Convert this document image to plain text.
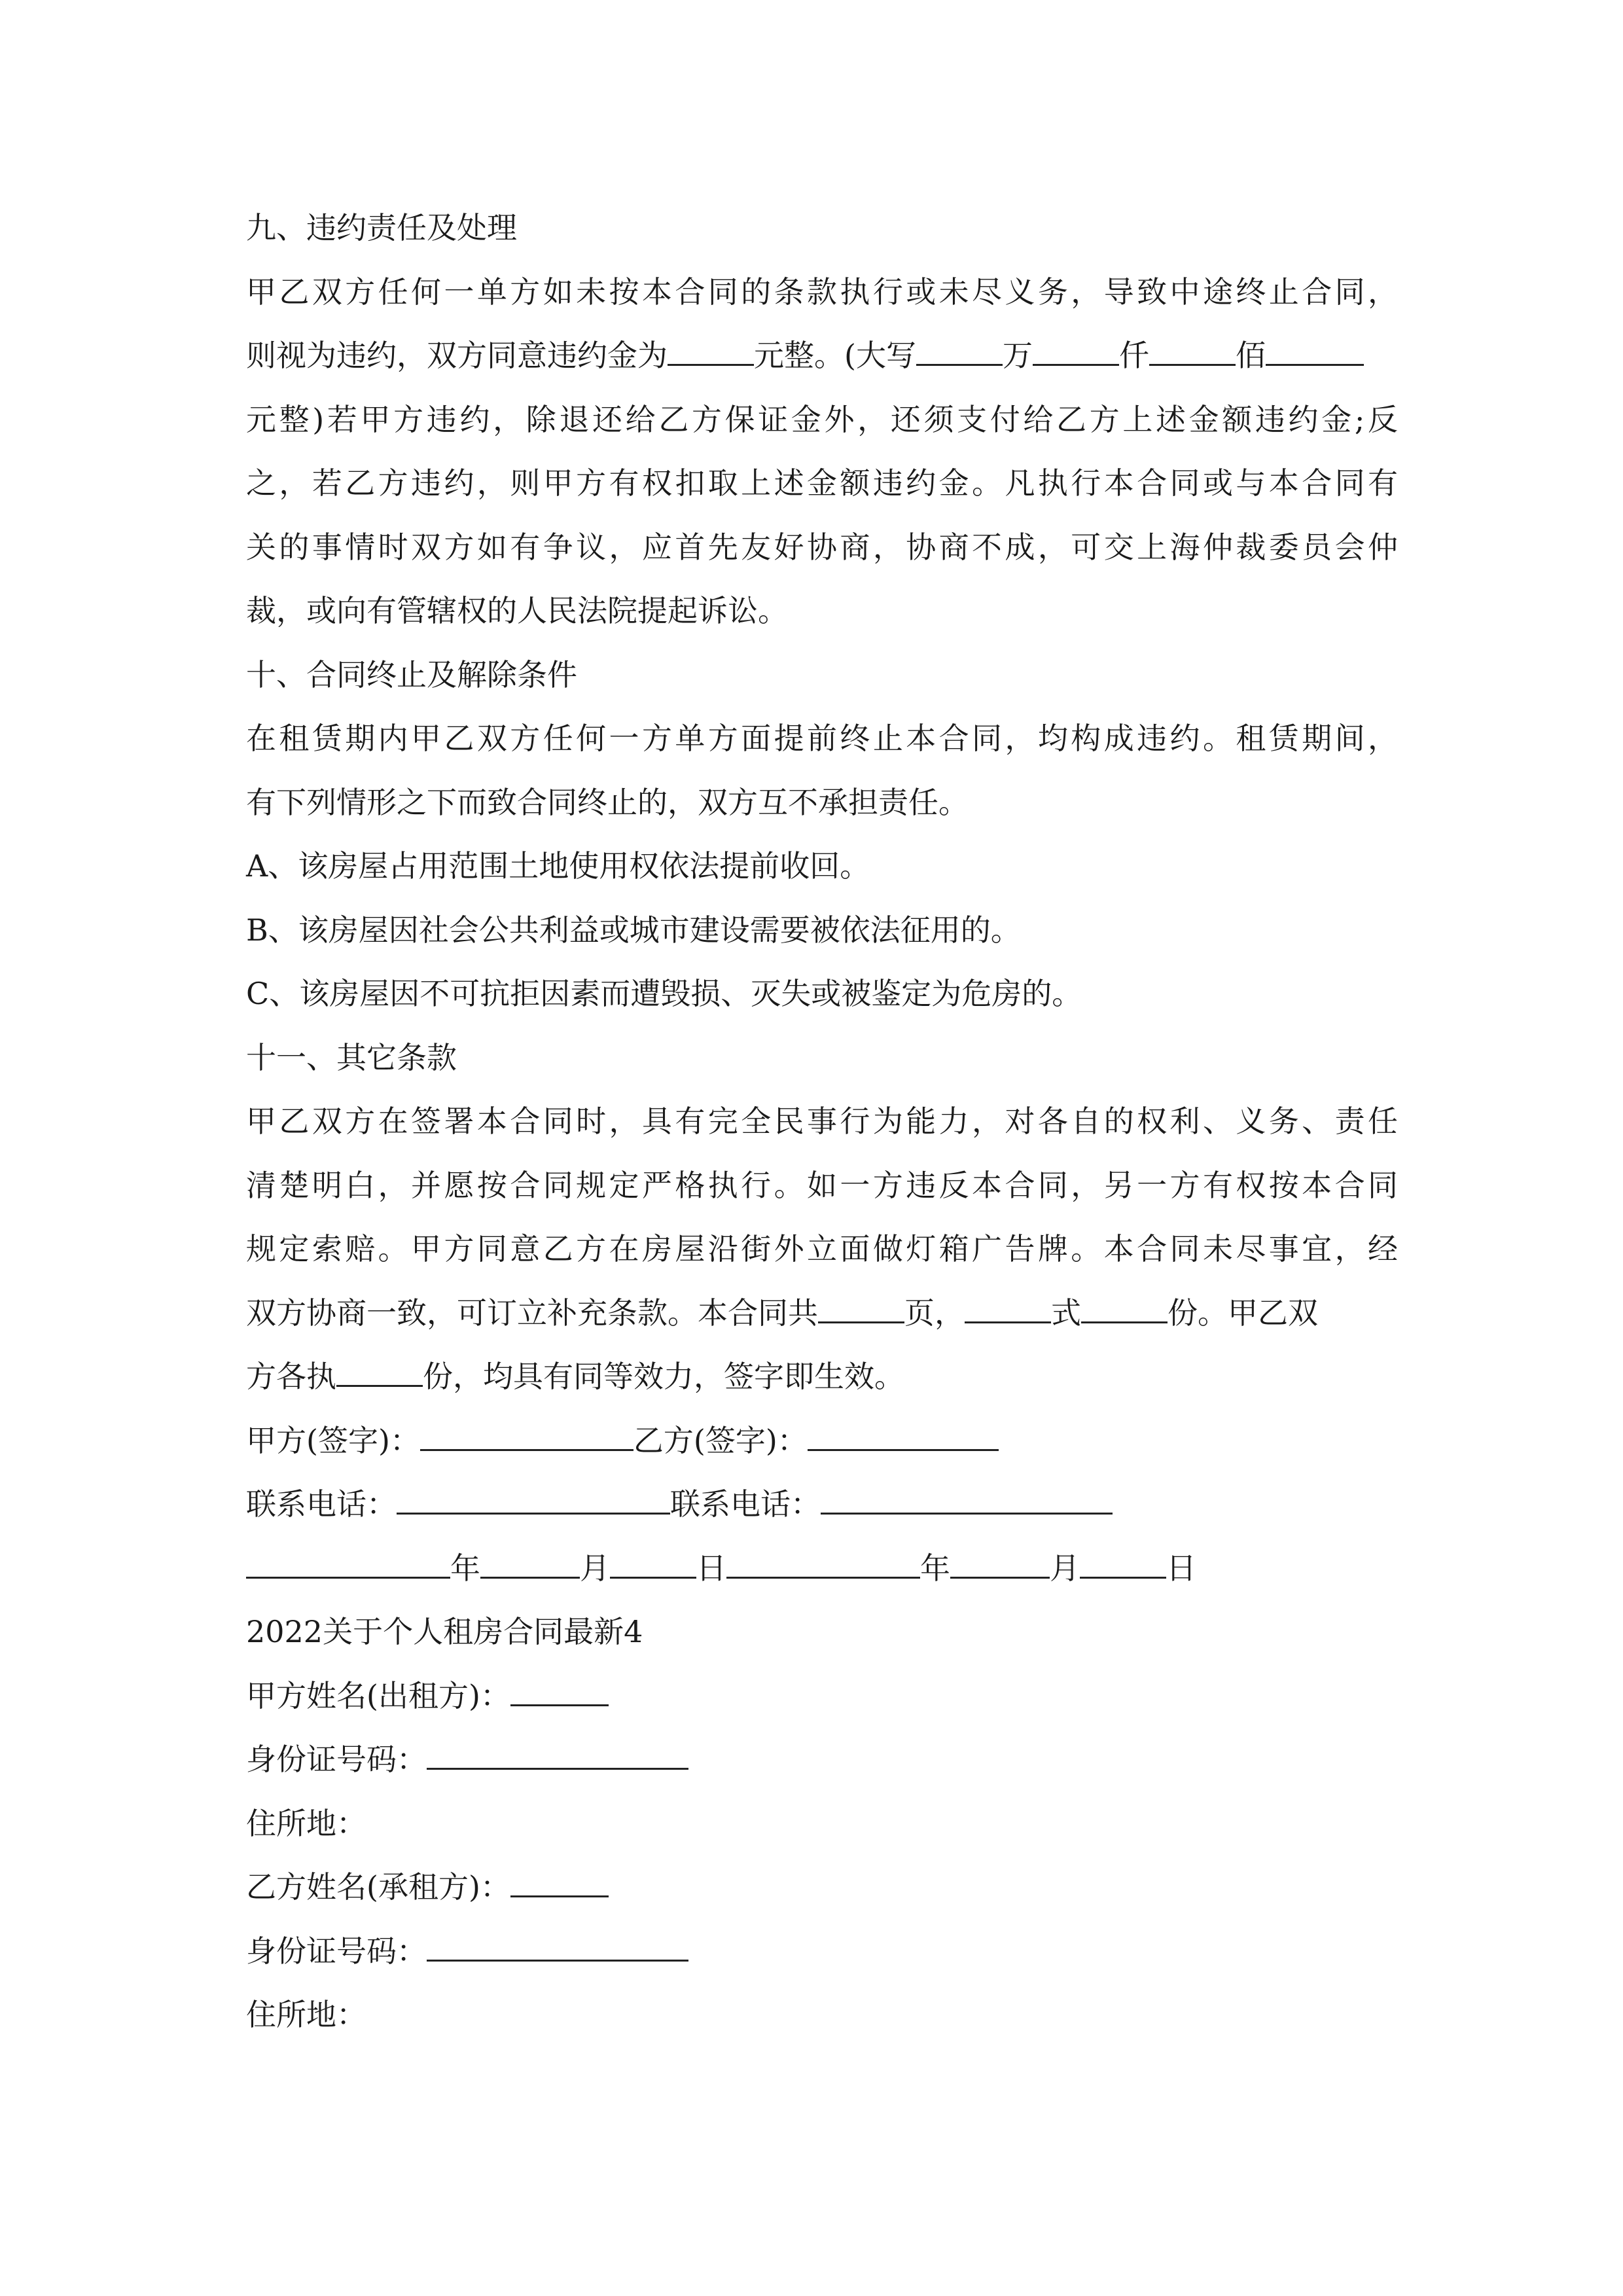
九、违约责任及处理

甲乙双方任何一单方如未按本合同的条款执行或未尽义务，导致中途终止合同，

则视为违约，双方同意违约金为	元整。(大写	万	仟	佰

元整)若甲方违约，除退还给乙方保证金外，还须支付给乙方上述金额违约金;反

之，若乙方违约，则甲方有权扣取上述金额违约金。凡执行本合同或与本合同有

关的事情时双方如有争议，应首先友好协商，协商不成，可交上海仲裁委员会仲

裁，或向有管辖权的人民法院提起诉讼。

十、合同终止及解除条件

在租赁期内甲乙双方任何一方单方面提前终止本合同，均构成违约。租赁期间，

有下列情形之下而致合同终止的，双方互不承担责任。

A、该房屋占用范围土地使用权依法提前收回。

B、该房屋因社会公共利益或城市建设需要被依法征用的。

C、该房屋因不可抗拒因素而遭毁损、灭失或被鉴定为危房的。

十一、其它条款

甲乙双方在签署本合同时，具有完全民事行为能力，对各自的权利、义务、责任

清楚明白，并愿按合同规定严格执行。如一方违反本合同，另一方有权按本合同

规定索赔。甲方同意乙方在房屋沿街外立面做灯箱广告牌。本合同未尽事宜，经

双方协商一致，可订立补充条款。本合同共	页，	式	份。甲乙双

方各执	份，均具有同等效力，签字即生效。

甲方(签字)：	乙方(签字)：

联系电话：	联系电话：

年	月	日	年	月	日

2022关于个人租房合同最新4

甲方姓名(出租方)：

身份证号码：

住所地：

乙方姓名(承租方)：

身份证号码：

住所地：
